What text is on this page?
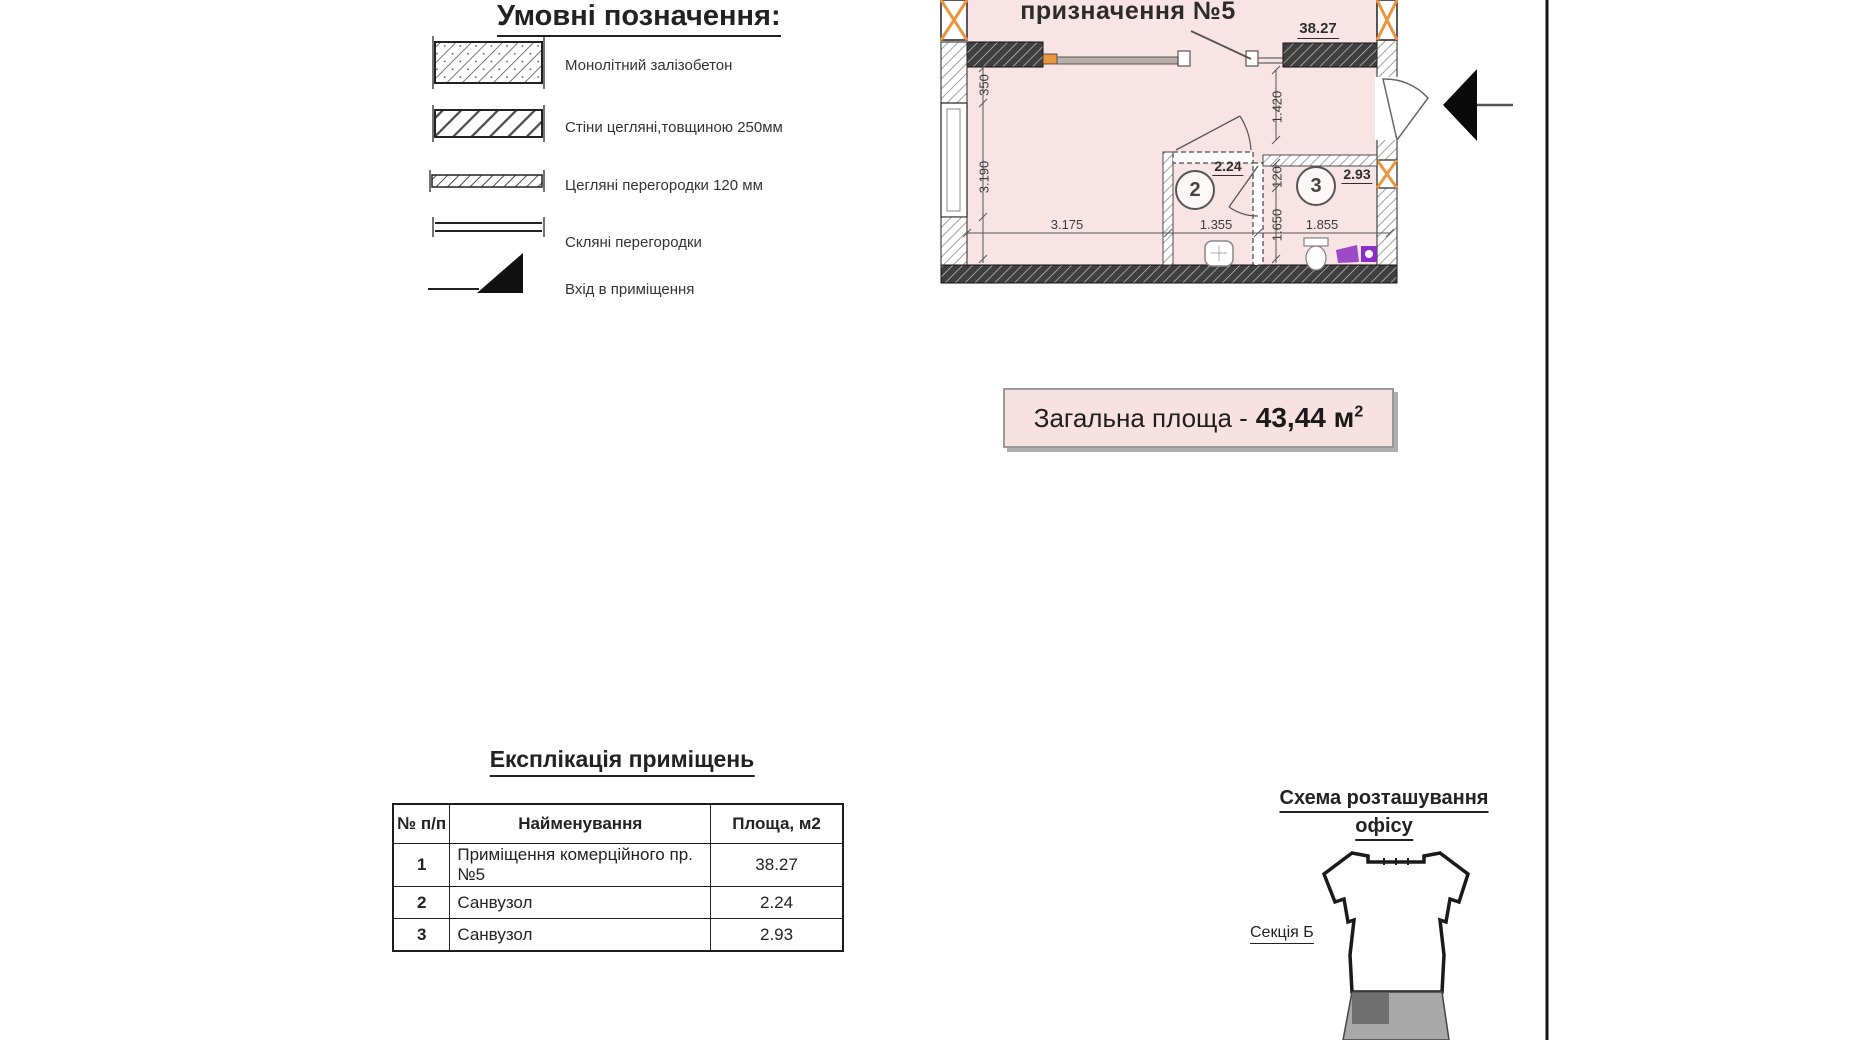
Умовні позначення:
Монолітний залізобетон
Стіни цегляні,товщиною 250мм
Цегляні перегородки 120 мм
Скляні перегородки
Вхід в приміщення
призначення №5
38.27
2.24	2.93
2	3
350
3.190
1.420
120
1.650
3.175	1.355	1.855
Загальна площа - 43,44 $м^2$
Експлікація приміщень
№ п/п	Найменування	Площа, м2
1	Приміщення комерційного пр. №5	38.27
2	Санвузол	2.24
3	Санвузол	2.93
Схема розташування
офісу
Секція Б
